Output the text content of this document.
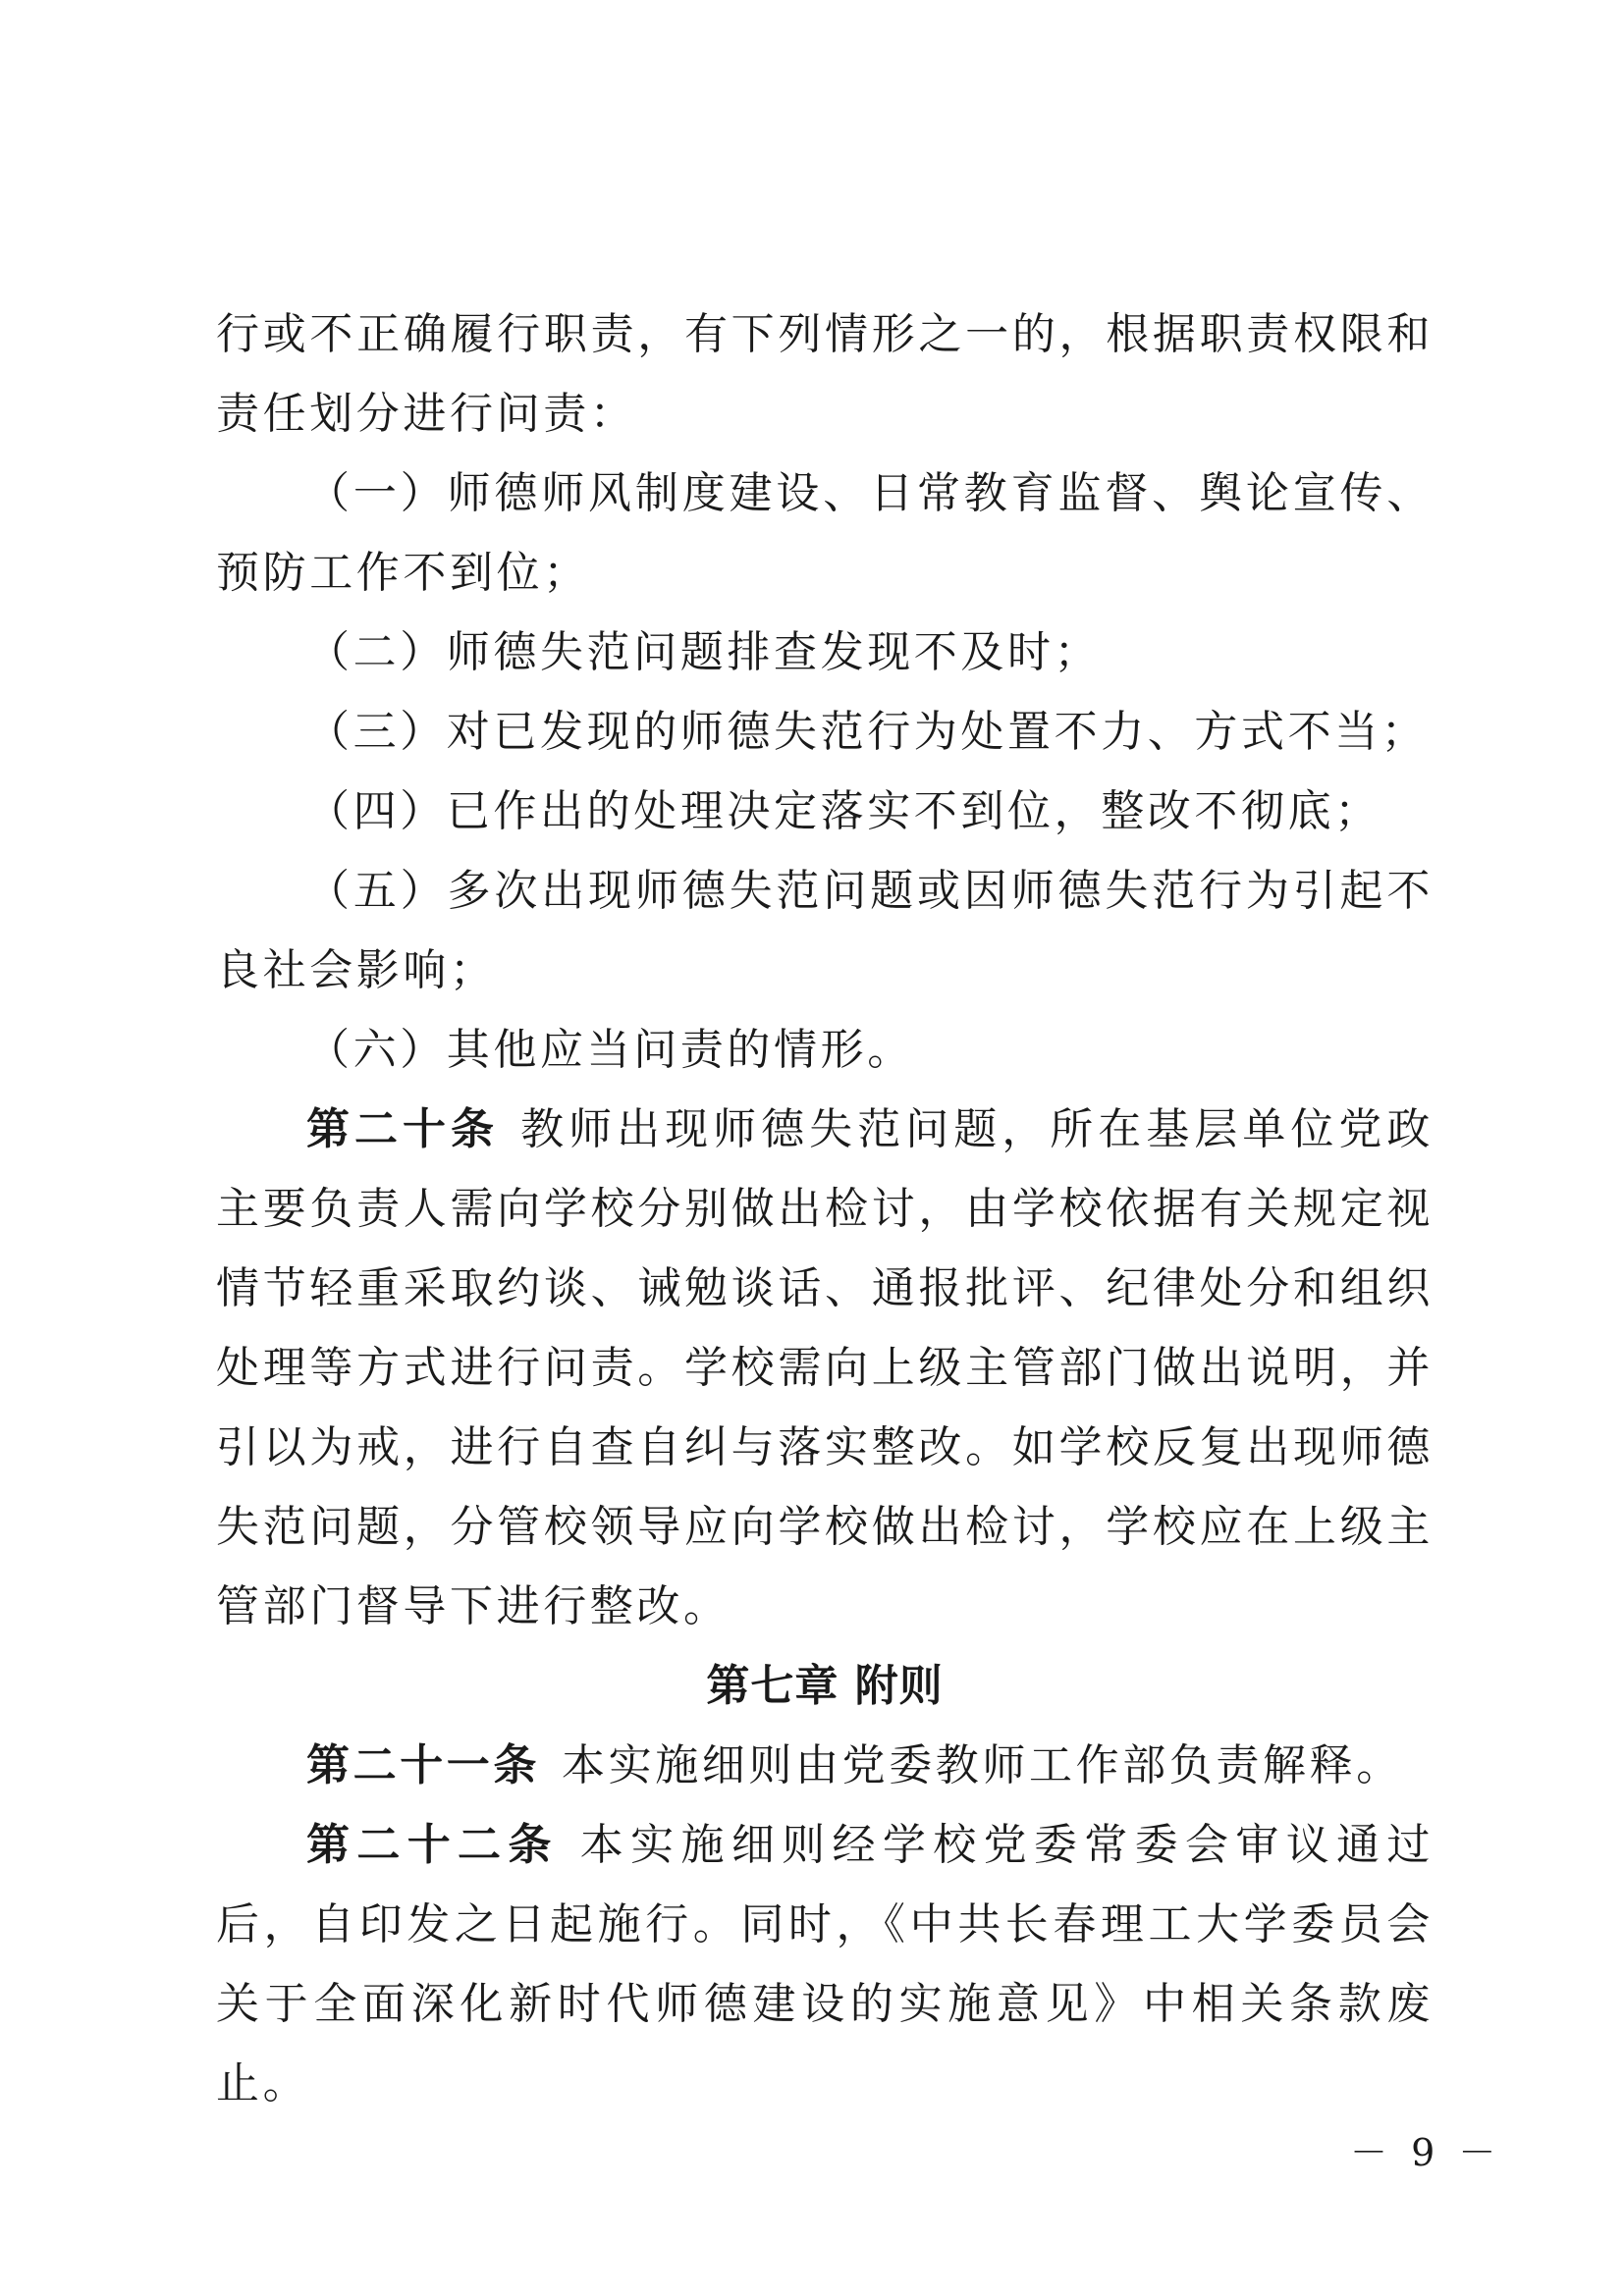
行或不正确履行职责，有下列情形之一的，根据职责权限和责任划分进行问责：

（一）师德师风制度建设、日常教育监督、舆论宣传、预防工作不到位；

（二）师德失范问题排查发现不及时；

（三）对已发现的师德失范行为处置不力、方式不当；

（四）已作出的处理决定落实不到位，整改不彻底；

（五）多次出现师德失范问题或因师德失范行为引起不良社会影响；

（六）其他应当问责的情形。

第二十条 教师出现师德失范问题，所在基层单位党政主要负责人需向学校分别做出检讨，由学校依据有关规定视情节轻重采取约谈、诫勉谈话、通报批评、纪律处分和组织处理等方式进行问责。学校需向上级主管部门做出说明，并引以为戒，进行自查自纠与落实整改。如学校反复出现师德失范问题，分管校领导应向学校做出检讨，学校应在上级主管部门督导下进行整改。

第七章 附则

第二十一条 本实施细则由党委教师工作部负责解释。

第二十二条 本实施细则经学校党委常委会审议通过后，自印发之日起施行。同时，《中共长春理工大学委员会关于全面深化新时代师德建设的实施意见》中相关条款废止。

－ 9 －
